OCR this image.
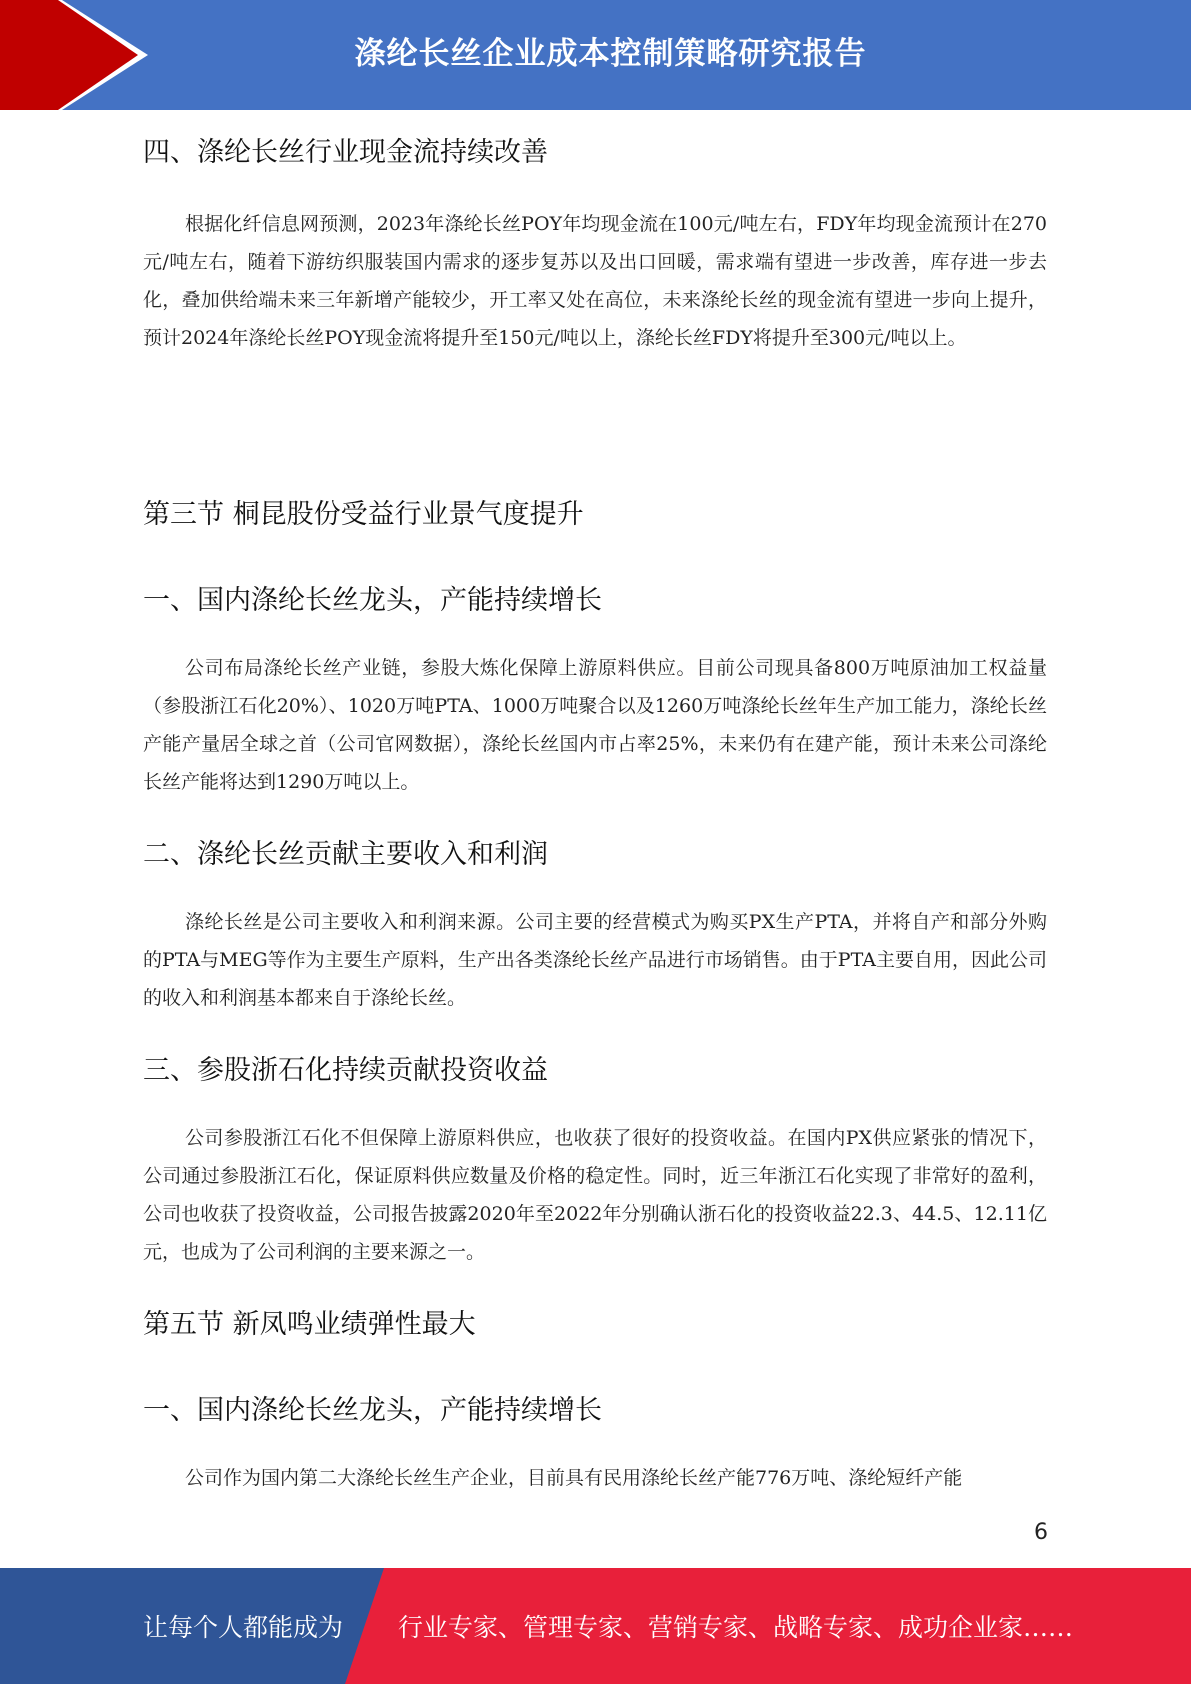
涤纶长丝企业成本控制策略研究报告
四、涤纶长丝行业现金流持续改善
根据化纤信息网预测，2023年涤纶长丝POY年均现金流在100元/吨左右，FDY年均现金流预计在270元/吨左右，随着下游纺织服装国内需求的逐步复苏以及出口回暖，需求端有望进一步改善，库存进一步去化，叠加供给端未来三年新增产能较少，开工率又处在高位，未来涤纶长丝的现金流有望进一步向上提升，预计2024年涤纶长丝POY现金流将提升至150元/吨以上，涤纶长丝FDY将提升至300元/吨以上。
第三节 桐昆股份受益行业景气度提升
一、国内涤纶长丝龙头，产能持续增长
公司布局涤纶长丝产业链，参股大炼化保障上游原料供应。目前公司现具备800万吨原油加工权益量（参股浙江石化20%）、1020万吨PTA、1000万吨聚合以及1260万吨涤纶长丝年生产加工能力，涤纶长丝产能产量居全球之首（公司官网数据），涤纶长丝国内市占率25%，未来仍有在建产能，预计未来公司涤纶长丝产能将达到1290万吨以上。
二、涤纶长丝贡献主要收入和利润
涤纶长丝是公司主要收入和利润来源。公司主要的经营模式为购买PX生产PTA，并将自产和部分外购的PTA与MEG等作为主要生产原料，生产出各类涤纶长丝产品进行市场销售。由于PTA主要自用，因此公司的收入和利润基本都来自于涤纶长丝。
三、参股浙石化持续贡献投资收益
公司参股浙江石化不但保障上游原料供应，也收获了很好的投资收益。在国内PX供应紧张的情况下，公司通过参股浙江石化，保证原料供应数量及价格的稳定性。同时，近三年浙江石化实现了非常好的盈利，公司也收获了投资收益，公司报告披露2020年至2022年分别确认浙石化的投资收益22.3、44.5、12.11亿元，也成为了公司利润的主要来源之一。
第五节 新凤鸣业绩弹性最大
一、国内涤纶长丝龙头，产能持续增长
公司作为国内第二大涤纶长丝生产企业，目前具有民用涤纶长丝产能776万吨、涤纶短纤产能
6
让每个人都能成为 行业专家、管理专家、营销专家、战略专家、成功企业家……
